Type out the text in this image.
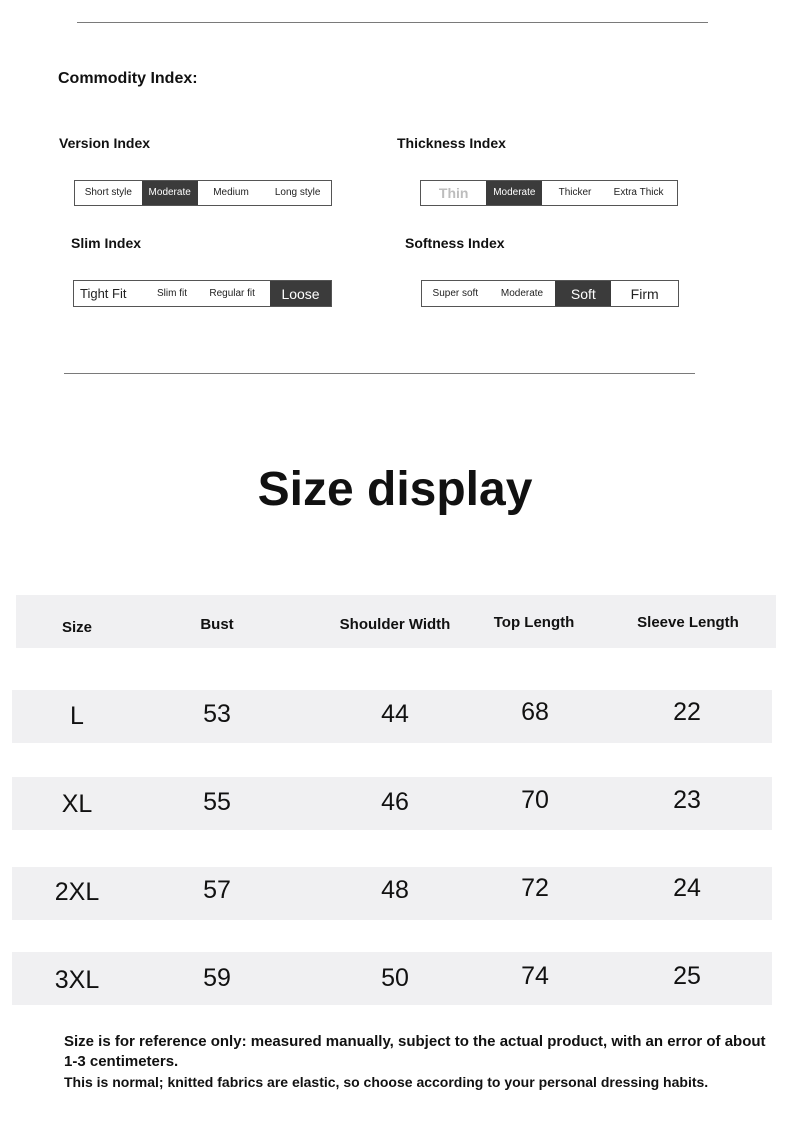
Commodity Index:
Version Index
Short style	Moderate	Medium	Long style
Thickness Index
Thin	Moderate	Thicker	Extra Thick
Slim Index
Tight Fit	Slim fit	Regular fit	Loose
Softness Index
Super soft	Moderate	Soft	Firm
Size display
Size	Bust	Shoulder Width	Top Length	Sleeve Length
L	53	44	68	22
XL	55	46	70	23
2XL	57	48	72	24
3XL	59	50	74	25
Size is for reference only: measured manually, subject to the actual product, with an error of about 1-3 centimeters.
This is normal; knitted fabrics are elastic, so choose according to your personal dressing habits.
